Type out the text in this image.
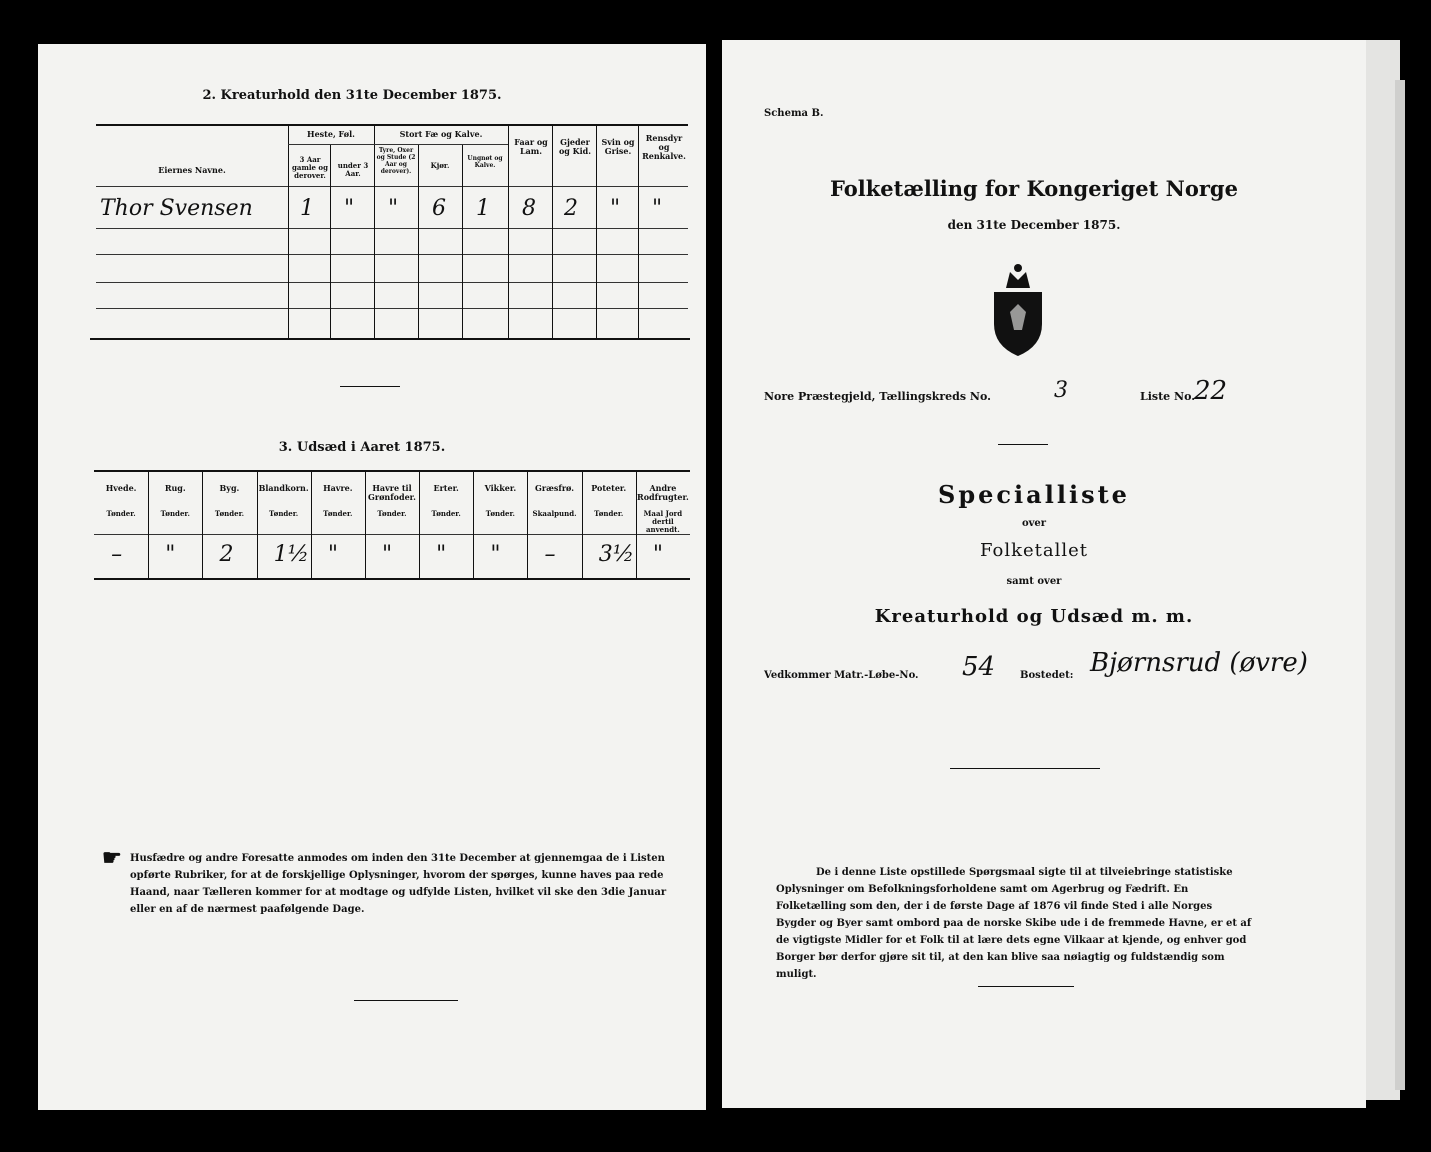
2. Kreaturhold den 31te December 1875.
Eiernes Navne.
Heste, Føl.
3 Aar gamle og derover.
under 3 Aar.
Stort Fæ og Kalve.
Tyre, Oxer og Stude (2 Aar og derover).
Kjør.
Ungnøt og Kalve.
Faar og Lam.
Gjeder og Kid.
Svin og Grise.
Rensdyr og Renkalve.
Thor Svensen 1 " " 6 1 8 2 " "
3. Udsæd i Aaret 1875.
Hvede.
Tønder.
–
Rug.
Tønder.
"
Byg.
Tønder.
2
Blandkorn.
Tønder.
1½
Havre.
Tønder.
"
Havre til Grønfoder.
Tønder.
"
Erter.
Tønder.
"
Vikker.
Tønder.
"
Græsfrø.
Skaalpund.
–
Poteter.
Tønder.
3½
Andre Rodfrugter.
Maal Jord dertil anvendt.
"
☛ Husfædre og andre Foresatte anmodes om inden den 31te December at gjennemgaa de i Listen opførte Rubriker, for at de forskjellige Oplysninger, hvorom der spørges, kunne haves paa rede Haand, naar Tælleren kommer for at modtage og udfylde Listen, hvilket vil ske den 3die Januar eller en af de nærmest paafølgende Dage.
Schema B.
Folketælling for Kongeriget Norge
den 31te December 1875.
Nore Præstegjeld, Tællingskreds No.	3	Liste No.
22
Specialliste
over
Folketallet
samt over
Kreaturhold og Udsæd m. m.
Vedkommer Matr.-Løbe-No. 54 Bostedet: Bjørnsrud (øvre)
De i denne Liste opstillede Spørgsmaal sigte til at tilveiebringe statistiske Oplysninger om Befolkningsforholdene samt om Agerbrug og Fædrift. En Folketælling som den, der i de første Dage af 1876 vil finde Sted i alle Norges Bygder og Byer samt ombord paa de norske Skibe ude i de fremmede Havne, er et af de vigtigste Midler for et Folk til at lære dets egne Vilkaar at kjende, og enhver god Borger bør derfor gjøre sit til, at den kan blive saa nøiagtig og fuldstændig som muligt.
